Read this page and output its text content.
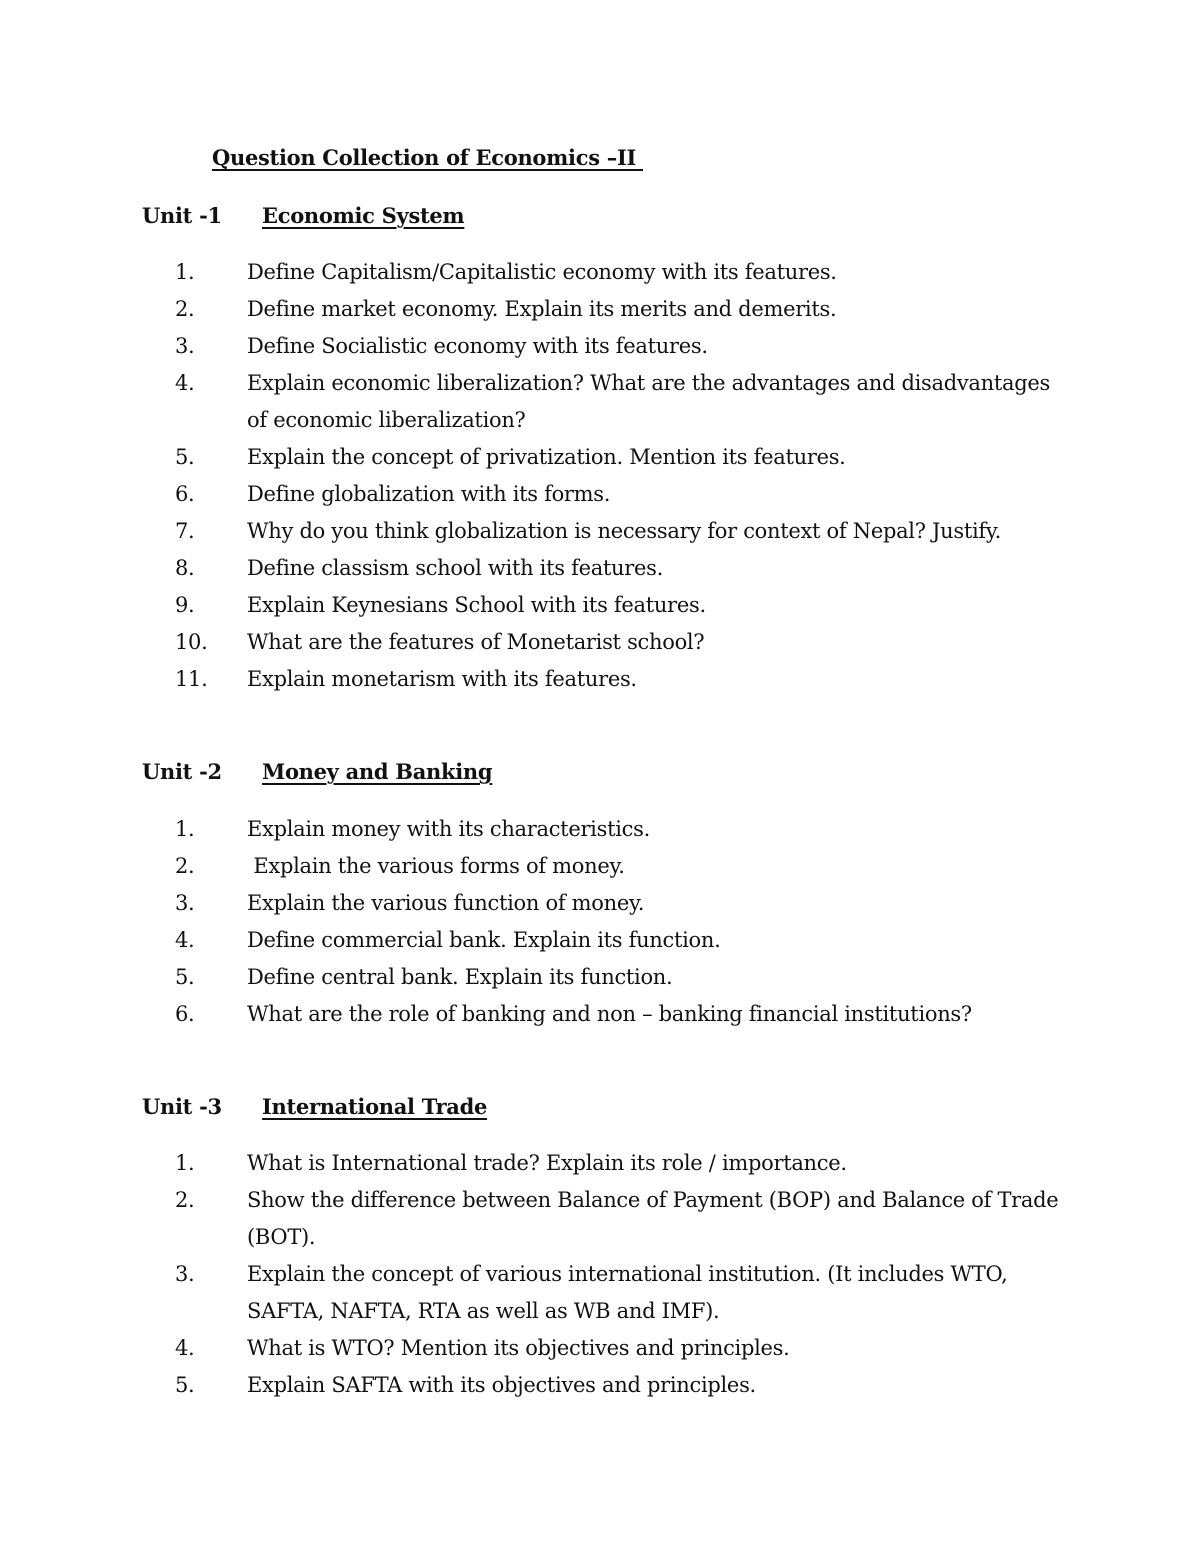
Question Collection of Economics –II
Unit -1 Economic System
1.	Define Capitalism/Capitalistic economy with its features.
2.	Define market economy. Explain its merits and demerits.
3.	Define Socialistic economy with its features.
4.	Explain economic liberalization? What are the advantages and disadvantages of economic liberalization?
5.	Explain the concept of privatization. Mention its features.
6.	Define globalization with its forms.
7.	Why do you think globalization is necessary for context of Nepal? Justify.
8.	Define classism school with its features.
9.	Explain Keynesians School with its features.
10. What are the features of Monetarist school?
11. Explain monetarism with its features.
Unit -2 Money and Banking
1.	Explain money with its characteristics.
2.	Explain the various forms of money.
3.	Explain the various function of money.
4.	Define commercial bank. Explain its function.
5.	Define central bank. Explain its function.
6.	What are the role of banking and non – banking financial institutions?
Unit -3 International Trade
1.	What is International trade? Explain its role / importance.
2.	Show the difference between Balance of Payment (BOP) and Balance of Trade (BOT).
3.	Explain the concept of various international institution. (It includes WTO, SAFTA, NAFTA, RTA as well as WB and IMF).
4.	What is WTO? Mention its objectives and principles.
5.	Explain SAFTA with its objectives and principles.
